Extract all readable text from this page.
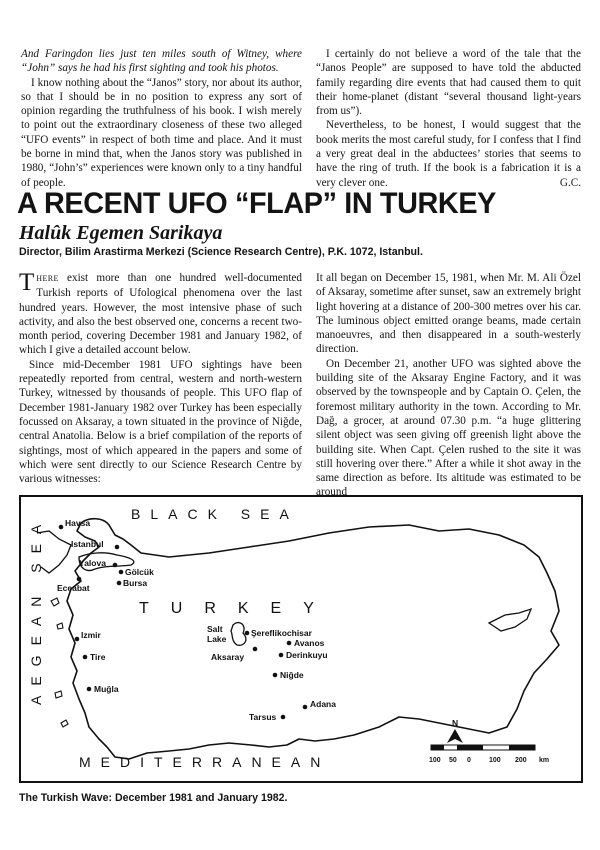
And Faringdon lies just ten miles south of Witney, where “John” says he had his first sighting and took his photos.

I know nothing about the “Janos” story, nor about its author, so that I should be in no position to express any sort of opinion regarding the truthfulness of his book. I wish merely to point out the extraordinary closeness of these two alleged “UFO events” in respect of both time and place. And it must be borne in mind that, when the Janos story was published in 1980, “John’s” experiences were known only to a tiny handful of people.

I certainly do not believe a word of the tale that the “Janos People” are supposed to have told the abducted family regarding dire events that had caused them to quit their home-planet (distant “several thousand light-years from us”).

Nevertheless, to be honest, I would suggest that the book merits the most careful study, for I confess that I find a very great deal in the abductees’ stories that seems to have the ring of truth. If the book is a fabrication it is a very clever one.	G.C.

A RECENT UFO “FLAP” IN TURKEY
Halûk Egemen Sarikaya

Director, Bilim Arastirma Merkezi (Science Research Centre), P.K. 1072, Istanbul.

THERE exist more than one hundred well-documented Turkish reports of Ufological phenomena over the last hundred years. However, the most intensive phase of such activity, and also the best observed one, concerns a recent two-month period, covering December 1981 and January 1982, of which I give a detailed account below.

Since mid-December 1981 UFO sightings have been repeatedly reported from central, western and north-western Turkey, witnessed by thousands of people. This UFO flap of December 1981-January 1982 over Turkey has been especially focussed on Aksaray, a town situated in the province of Niğde, central Anatolia. Below is a brief compilation of the reports of sightings, most of which appeared in the papers and some of which were sent directly to our Science Research Centre by various witnesses:

It all began on December 15, 1981, when Mr. M. Ali Özel of Aksaray, sometime after sunset, saw an extremely bright light hovering at a distance of 200-300 metres over his car. The luminous object emitted orange beams, made certain manoeuvres, and then disappeared in a south-westerly direction.

On December 21, another UFO was sighted above the building site of the Aksaray Engine Factory, and it was observed by the townspeople and by Captain O. Çelen, the foremost military authority in the town. According to Mr. Dağ, a grocer, at around 07.30 p.m. “a huge glittering silent object was seen giving off greenish light above the building site. When Capt. Çelen rushed to the site it was still hovering over there.” After a while it shot away in the same direction as before. Its altitude was estimated to be around

BLACK SEA
AEGEAN SEA
MEDITERRANEAN
TURKEY
N
100 50 0	100 200 km
Havsa
Istanbul
Yalova
Gölcük
Eceabat	Bursa
Izmir
Tire
Muğla
Salt
Lake
Şereflikochisar
Avanos
Aksaray	Derinkuyu
Niğde
Tarsus
Adana

The Turkish Wave: December 1981 and January 1982.
